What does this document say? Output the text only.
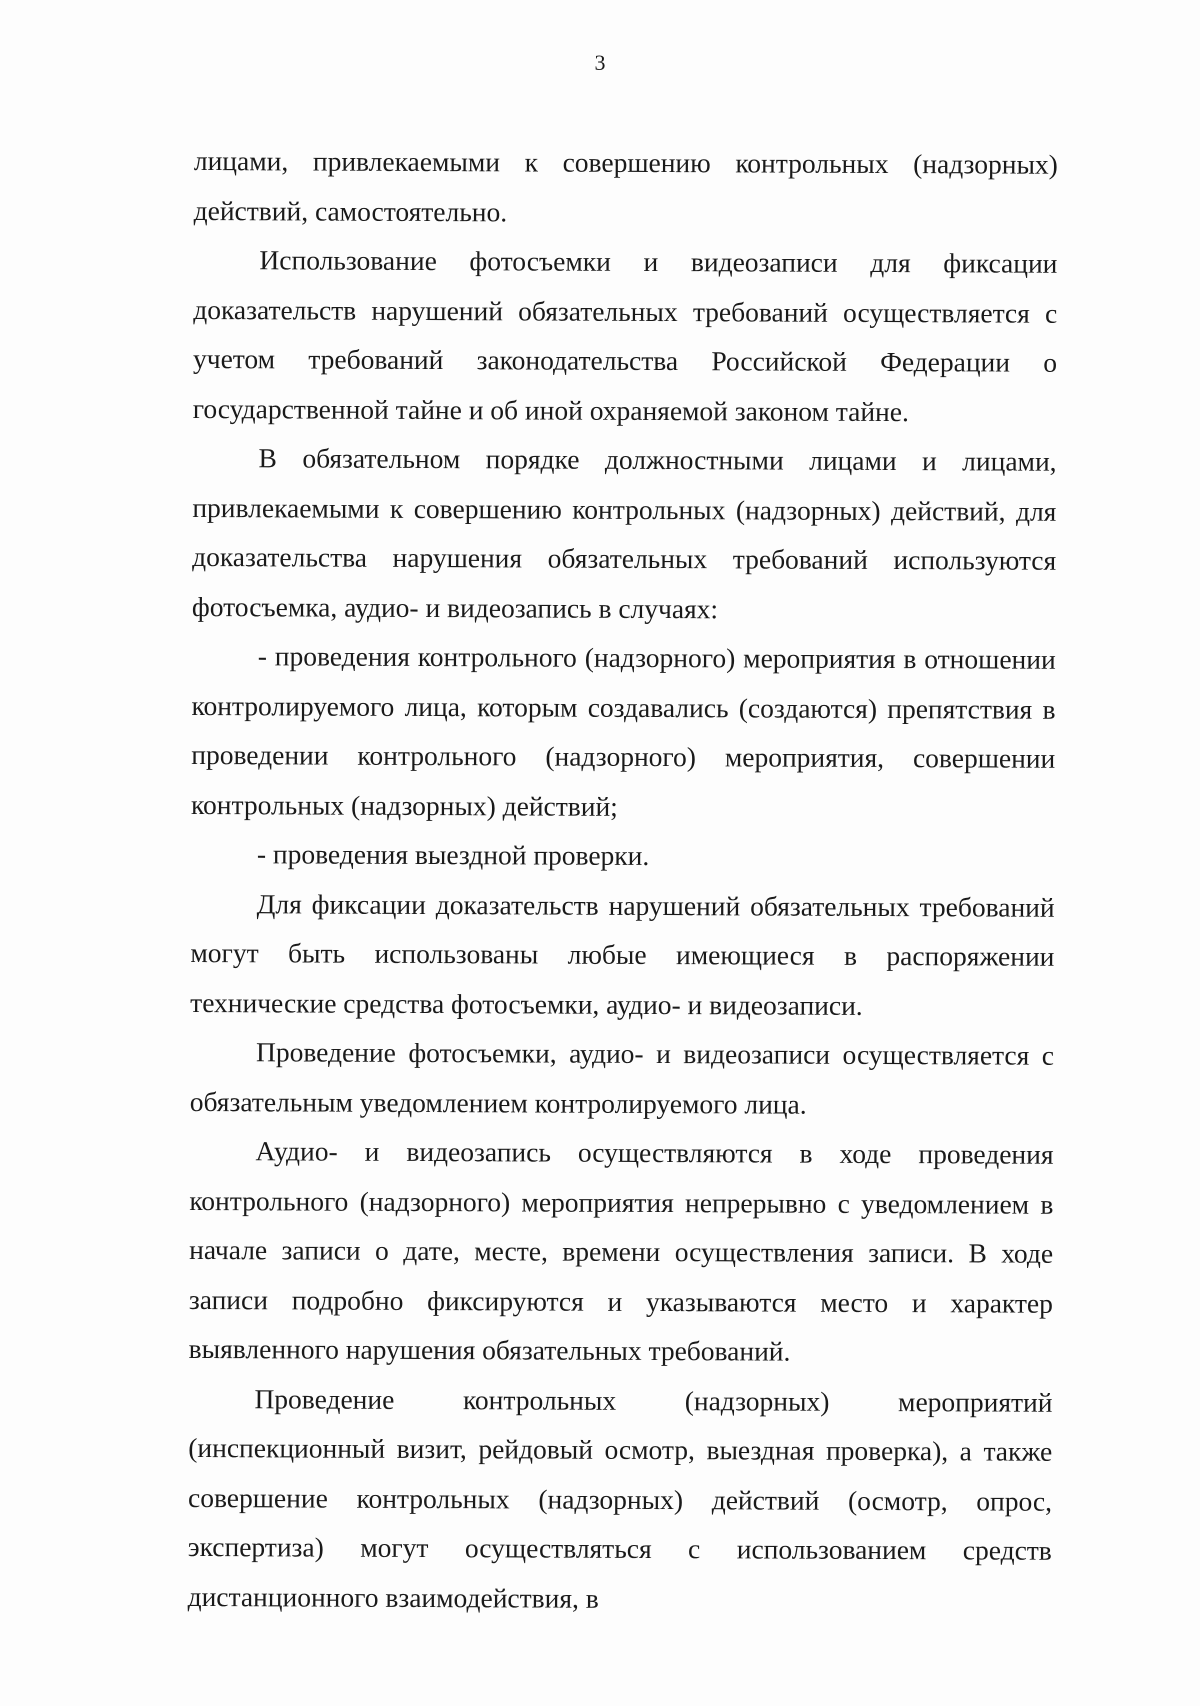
3

лицами, привлекаемыми к совершению контрольных (надзорных) действий, самостоятельно.

Использование фотосъемки и видеозаписи для фиксации доказательств нарушений обязательных требований осуществляется с учетом требований законодательства Российской Федерации о государственной тайне и об иной охраняемой законом тайне.

В обязательном порядке должностными лицами и лицами, привлекаемыми к совершению контрольных (надзорных) действий, для доказательства нарушения обязательных требований используются фотосъемка, аудио- и видеозапись в случаях:

- проведения контрольного (надзорного) мероприятия в отношении контролируемого лица, которым создавались (создаются) препятствия в проведении контрольного (надзорного) мероприятия, совершении контрольных (надзорных) действий;

- проведения выездной проверки.

Для фиксации доказательств нарушений обязательных требований могут быть использованы любые имеющиеся в распоряжении технические средства фотосъемки, аудио- и видеозаписи.

Проведение фотосъемки, аудио- и видеозаписи осуществляется с обязательным уведомлением контролируемого лица.

Аудио- и видеозапись осуществляются в ходе проведения контрольного (надзорного) мероприятия непрерывно с уведомлением в начале записи о дате, месте, времени осуществления записи. В ходе записи подробно фиксируются и указываются место и характер выявленного нарушения обязательных требований.

Проведение контрольных (надзорных) мероприятий (инспекционный визит, рейдовый осмотр, выездная проверка), а также совершение контрольных (надзорных) действий (осмотр, опрос, экспертиза) могут осуществляться с использованием средств дистанционного взаимодействия, в
